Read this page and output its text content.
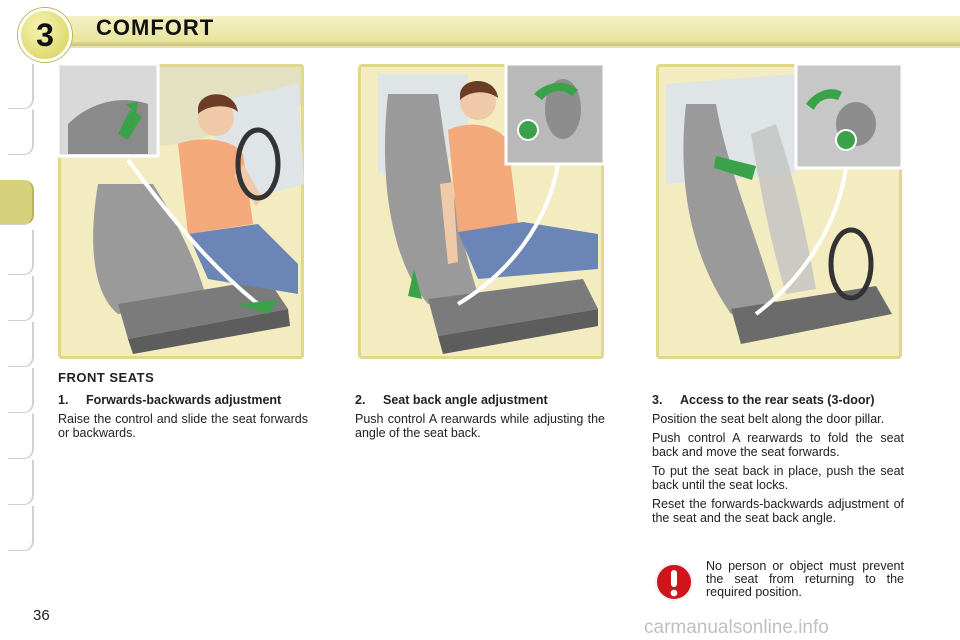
3	COMFORT
FRONT SEATS
1.	Forwards-backwards adjustment

Raise the control and slide the seat forwards or backwards.

2.	Seat back angle adjustment

Push control A rearwards while adjusting the angle of the seat back.

3.	Access to the rear seats (3-door)

Position the seat belt along the door pillar.

Push control A rearwards to fold the seat back and move the seat forwards.

To put the seat back in place, push the seat back until the seat locks.

Reset the forwards-backwards adjustment of the seat and the seat back angle.

No person or object must prevent the seat from returning to the required position.
36
carmanualsonline.info
